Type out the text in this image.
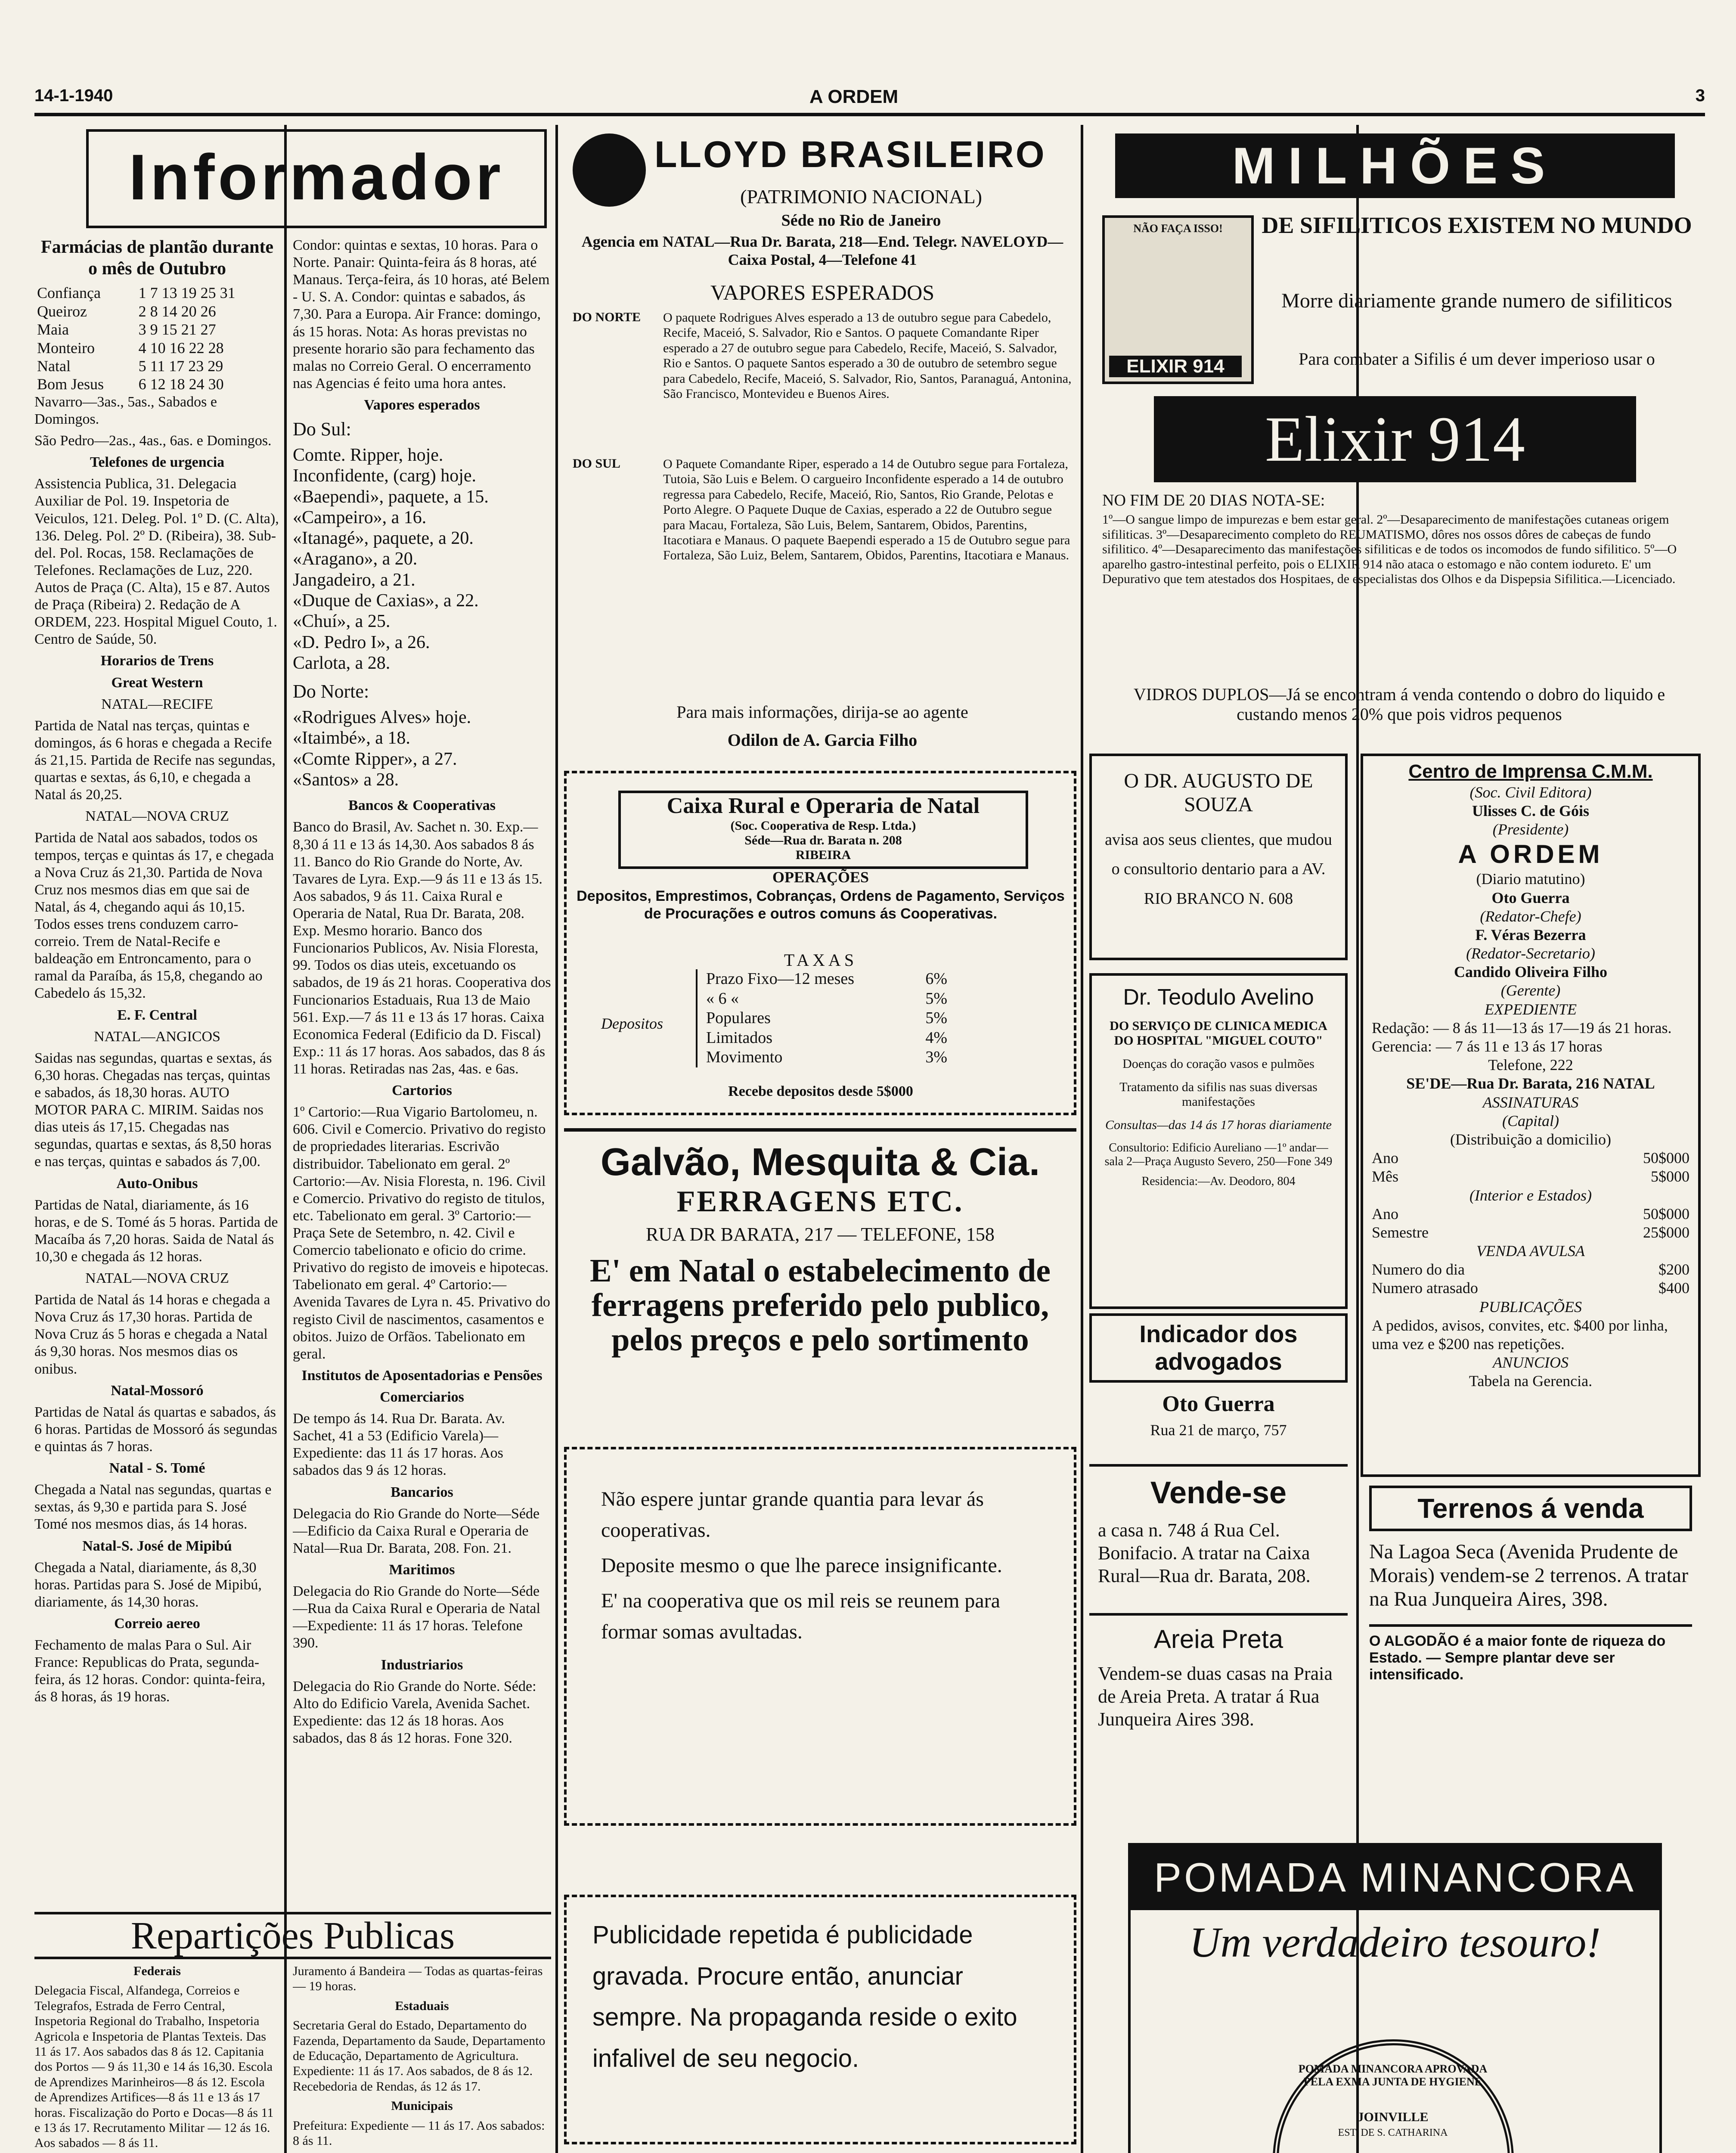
14-1-1940	A ORDEM	3
Informador

Farmácias de plantão durante o mês de Outubro

Confiança	1 7 13 19 25 31
Queiroz	2 8 14 20 26
Maia	3 9 15 21 27
Monteiro	4 10 16 22 28
Natal	5 11 17 23 29
Bom Jesus	6 12 18 24 30

Navarro—3as., 5as., Sabados e Domingos.

São Pedro—2as., 4as., 6as. e Domingos.

Telefones de urgencia

Assistencia Publica, 31. Delegacia Auxiliar de Pol. 19. Inspetoria de Veiculos, 121. Deleg. Pol. 1º D. (C. Alta), 136. Deleg. Pol. 2º D. (Ribeira), 38. Sub-del. Pol. Rocas, 158. Reclamações de Telefones. Reclamações de Luz, 220. Autos de Praça (C. Alta), 15 e 87. Autos de Praça (Ribeira) 2. Redação de A ORDEM, 223. Hospital Miguel Couto, 1. Centro de Saúde, 50.

Horarios de Trens

Great Western

NATAL—RECIFE

Partida de Natal nas terças, quintas e domingos, ás 6 horas e chegada a Recife ás 21,15. Partida de Recife nas segundas, quartas e sextas, ás 6,10, e chegada a Natal ás 20,25.

NATAL—NOVA CRUZ

Partida de Natal aos sabados, todos os tempos, terças e quintas ás 17, e chegada a Nova Cruz ás 21,30. Partida de Nova Cruz nos mesmos dias em que sai de Natal, ás 4, chegando aqui ás 10,15. Todos esses trens conduzem carro-correio. Trem de Natal-Recife e baldeação em Entroncamento, para o ramal da Paraíba, ás 15,8, chegando ao Cabedelo ás 15,32.

E. F. Central

NATAL—ANGICOS

Saidas nas segundas, quartas e sextas, ás 6,30 horas. Chegadas nas terças, quintas e sabados, ás 18,30 horas. AUTO MOTOR PARA C. MIRIM. Saidas nos dias uteis ás 17,15. Chegadas nas segundas, quartas e sextas, ás 8,50 horas e nas terças, quintas e sabados ás 7,00.

Auto-Onibus

Partidas de Natal, diariamente, ás 16 horas, e de S. Tomé ás 5 horas. Partida de Macaíba ás 7,20 horas. Saida de Natal ás 10,30 e chegada ás 12 horas.

NATAL—NOVA CRUZ

Partida de Natal ás 14 horas e chegada a Nova Cruz ás 17,30 horas. Partida de Nova Cruz ás 5 horas e chegada a Natal ás 9,30 horas. Nos mesmos dias os onibus.

Natal-Mossoró

Partidas de Natal ás quartas e sabados, ás 6 horas. Partidas de Mossoró ás segundas e quintas ás 7 horas.

Natal - S. Tomé

Chegada a Natal nas segundas, quartas e sextas, ás 9,30 e partida para S. José Tomé nos mesmos dias, ás 14 horas.

Natal-S. José de Mipibú

Chegada a Natal, diariamente, ás 8,30 horas. Partidas para S. José de Mipibú, diariamente, ás 14,30 horas.

Correio aereo

Fechamento de malas Para o Sul. Air France: Republicas do Prata, segunda-feira, ás 12 horas. Condor: quinta-feira, ás 8 horas, ás 19 horas.

Condor: quintas e sextas, 10 horas. Para o Norte. Panair: Quinta-feira ás 8 horas, até Manaus. Terça-feira, ás 10 horas, até Belem - U. S. A. Condor: quintas e sabados, ás 7,30. Para a Europa. Air France: domingo, ás 15 horas. Nota: As horas previstas no presente horario são para fechamento das malas no Correio Geral. O encerramento nas Agencias é feito uma hora antes.

Vapores esperados

Do Sul:

Comte. Ripper, hoje.
Inconfidente, (carg) hoje.
«Baependi», paquete, a 15.
«Campeiro», a 16.
«Itanagé», paquete, a 20.
«Aragano», a 20.
Jangadeiro, a 21.
«Duque de Caxias», a 22.
«Chuí», a 25.
«D. Pedro I», a 26.
Carlota, a 28.

Do Norte:

«Rodrigues Alves» hoje.
«Itaimbé», a 18.
«Comte Ripper», a 27.
«Santos» a 28.

Bancos & Cooperativas

Banco do Brasil, Av. Sachet n. 30. Exp.—8,30 á 11 e 13 ás 14,30. Aos sabados 8 ás 11. Banco do Rio Grande do Norte, Av. Tavares de Lyra. Exp.—9 ás 11 e 13 ás 15. Aos sabados, 9 ás 11. Caixa Rural e Operaria de Natal, Rua Dr. Barata, 208. Exp. Mesmo horario. Banco dos Funcionarios Publicos, Av. Nisia Floresta, 99. Todos os dias uteis, excetuando os sabados, de 19 ás 21 horas. Cooperativa dos Funcionarios Estaduais, Rua 13 de Maio 561. Exp.—7 ás 11 e 13 ás 17 horas. Caixa Economica Federal (Edificio da D. Fiscal) Exp.: 11 ás 17 horas. Aos sabados, das 8 ás 11 horas. Retiradas nas 2as, 4as. e 6as.

Cartorios

1º Cartorio:—Rua Vigario Bartolomeu, n. 606. Civil e Comercio. Privativo do registo de propriedades literarias. Escrivão distribuidor. Tabelionato em geral. 2º Cartorio:—Av. Nisia Floresta, n. 196. Civil e Comercio. Privativo do registo de titulos, etc. Tabelionato em geral. 3º Cartorio:—Praça Sete de Setembro, n. 42. Civil e Comercio tabelionato e oficio do crime. Privativo do registo de imoveis e hipotecas. Tabelionato em geral. 4º Cartorio:—Avenida Tavares de Lyra n. 45. Privativo do registo Civil de nascimentos, casamentos e obitos. Juizo de Orfãos. Tabelionato em geral.

Institutos de Aposentadorias e Pensões

Comerciarios

De tempo ás 14. Rua Dr. Barata. Av. Sachet, 41 a 53 (Edificio Varela)—Expediente: das 11 ás 17 horas. Aos sabados das 9 ás 12 horas.

Bancarios

Delegacia do Rio Grande do Norte—Séde—Edificio da Caixa Rural e Operaria de Natal—Rua Dr. Barata, 208. Fon. 21.

Maritimos

Delegacia do Rio Grande do Norte—Séde—Rua da Caixa Rural e Operaria de Natal—Expediente: 11 ás 17 horas. Telefone 390.

Industriarios

Delegacia do Rio Grande do Norte. Séde: Alto do Edificio Varela, Avenida Sachet. Expediente: das 12 ás 18 horas. Aos sabados, das 8 ás 12 horas. Fone 320.

Repartições Publicas

Federais

Delegacia Fiscal, Alfandega, Correios e Telegrafos, Estrada de Ferro Central, Inspetoria Regional do Trabalho, Inspetoria Agricola e Inspetoria de Plantas Texteis. Das 11 ás 17. Aos sabados das 8 ás 12. Capitania dos Portos — 9 ás 11,30 e 14 ás 16,30. Escola de Aprendizes Marinheiros—8 ás 12. Escola de Aprendizes Artifices—8 ás 11 e 13 ás 17 horas. Fiscalização do Porto e Docas—8 ás 11 e 13 ás 17. Recrutamento Militar — 12 ás 16. Aos sabados — 8 ás 11.

Juramento á Bandeira — Todas as quartas-feiras — 19 horas.

Estaduais

Secretaria Geral do Estado, Departamento do Fazenda, Departamento da Saude, Departamento de Educação, Departamento de Agricultura. Expediente: 11 ás 17. Aos sabados, de 8 ás 12. Recebedoria de Rendas, ás 12 ás 17.

Municipais

Prefeitura: Expediente — 11 ás 17. Aos sabados: 8 ás 11.

LLOYD BRASILEIRO
(PATRIMONIO NACIONAL)
Séde no Rio de Janeiro
Agencia em NATAL—Rua Dr. Barata, 218—End. Telegr. NAVELOYD—Caixa Postal, 4—Telefone 41
VAPORES ESPERADOS
DO NORTE O paquete Rodrigues Alves esperado a 13 de outubro segue para Cabedelo, Recife, Maceió, S. Salvador, Rio e Santos. O paquete Comandante Riper esperado a 27 de outubro segue para Cabedelo, Recife, Maceió, S. Salvador, Rio e Santos. O paquete Santos esperado a 30 de outubro de setembro segue para Cabedelo, Recife, Maceió, S. Salvador, Rio, Santos, Paranaguá, Antonina, São Francisco, Montevideu e Buenos Aires.
DO SUL	O Paquete Comandante Riper, esperado a 14 de Outubro segue para Fortaleza, Tutoia, São Luis e Belem. O cargueiro Inconfidente esperado a 14 de outubro regressa para Cabedelo, Recife, Maceió, Rio, Santos, Rio Grande, Pelotas e Porto Alegre. O Paquete Duque de Caxias, esperado a 22 de Outubro segue para Macau, Fortaleza, São Luis, Belem, Santarem, Obidos, Parentins, Itacotiara e Manaus. O paquete Baependi esperado a 15 de Outubro segue para Fortaleza, São Luiz, Belem, Santarem, Obidos, Parentins, Itacotiara e Manaus.
Para mais informações, dirija-se ao agente
Odilon de A. Garcia Filho
Caixa Rural e Operaria de Natal
(Soc. Cooperativa de Resp. Ltda.)
Séde—Rua dr. Barata n. 208
RIBEIRA
OPERAÇÕES
Depositos, Emprestimos, Cobranças, Ordens de Pagamento, Serviços de Procurações e outros comuns ás Cooperativas.
TAXAS
Depositos
Prazo Fixo—12 meses	6%
« 6 «	5%
Populares	5%
Limitados	4%
Movimento	3%
Recebe depositos desde 5$000
Galvão, Mesquita & Cia.
FERRAGENS ETC.
RUA DR BARATA, 217 — TELEFONE, 158
E' em Natal o estabelecimento de ferragens preferido pelo publico, pelos preços e pelo sortimento

Não espere juntar grande quantia para levar ás cooperativas.

Deposite mesmo o que lhe parece insignificante.

E' na cooperativa que os mil reis se reunem para formar somas avultadas.

Publicidade repetida é publicidade gravada. Procure então, anunciar sempre. Na propaganda reside o exito infalivel de seu negocio.
MILHÕES
NÃO FAÇA ISSO!
ELIXIR 914
DE SIFILITICOS EXISTEM NO MUNDO
Morre diariamente grande numero de sifiliticos
Para combater a Sifilis é um dever imperioso usar o
Elixir 914
NO FIM DE 20 DIAS NOTA-SE:
1º—O sangue limpo de impurezas e bem estar geral. 2º—Desaparecimento de manifestações cutaneas origem sifiliticas. 3º—Desaparecimento completo do REUMATISMO, dôres nos ossos dôres de cabeças de fundo sifilitico. 4º—Desaparecimento das manifestações sifiliticas e de todos os incomodos de fundo sifilitico. 5º—O aparelho gastro-intestinal perfeito, pois o ELIXIR 914 não ataca o estomago e não contem iodureto. E' um Depurativo que tem atestados dos Hospitaes, de especialistas dos Olhos e da Dispepsia Sifilitica.—Licenciado.
VIDROS DUPLOS—Já se encontram á venda contendo o dobro do liquido e custando menos 20% que pois vidros pequenos
O DR. AUGUSTO DE SOUZA
avisa aos seus clientes, que mudou o consultorio dentario para a AV. RIO BRANCO N. 608
Dr. Teodulo Avelino
DO SERVIÇO DE CLINICA MEDICA DO HOSPITAL "MIGUEL COUTO"
Doenças do coração vasos e pulmões
Tratamento da sifilis nas suas diversas manifestações
Consultas—das 14 ás 17 horas diariamente
Consultorio: Edificio Aureliano —1º andar—sala 2—Praça Augusto Severo, 250—Fone 349
Residencia:—Av. Deodoro, 804
Indicador dos advogados
Oto Guerra
Rua 21 de março, 757
Vende-se
a casa n. 748 á Rua Cel. Bonifacio. A tratar na Caixa Rural—Rua dr. Barata, 208.
Areia Preta
Vendem-se duas casas na Praia de Areia Preta. A tratar á Rua Junqueira Aires 398.
Centro de Imprensa C.M.M.
(Soc. Civil Editora)
Ulisses C. de Góis
(Presidente)
A ORDEM
(Diario matutino)
Oto Guerra
(Redator-Chefe)
F. Véras Bezerra
(Redator-Secretario)
Candido Oliveira Filho
(Gerente)
EXPEDIENTE
Redação: — 8 ás 11—13 ás 17—19 ás 21 horas.
Gerencia: — 7 ás 11 e 13 ás 17 horas
Telefone, 222
SE'DE—Rua Dr. Barata, 216 NATAL
ASSINATURAS
(Capital)
(Distribuição a domicilio)
Ano	50$000
Mês	5$000
(Interior e Estados)
Ano	50$000
Semestre	25$000
VENDA AVULSA
Numero do dia	$200
Numero atrasado	$400
PUBLICAÇÕES
A pedidos, avisos, convites, etc. $400 por linha, uma vez e $200 nas repetições.
ANUNCIOS
Tabela na Gerencia.
Terrenos á venda
Na Lagoa Seca (Avenida Prudente de Morais) vendem-se 2 terrenos. A tratar na Rua Junqueira Aires, 398.
O ALGODÃO é a maior fonte de riqueza do Estado. — Sempre plantar deve ser intensificado.
POMADA MINANCORA
Um verdadeiro tesouro!
POMADA MINANCORA APROVADA PELA EXMA JUNTA DE HYGIENE
JOINVILLE
EST. DE S. CATHARINA
